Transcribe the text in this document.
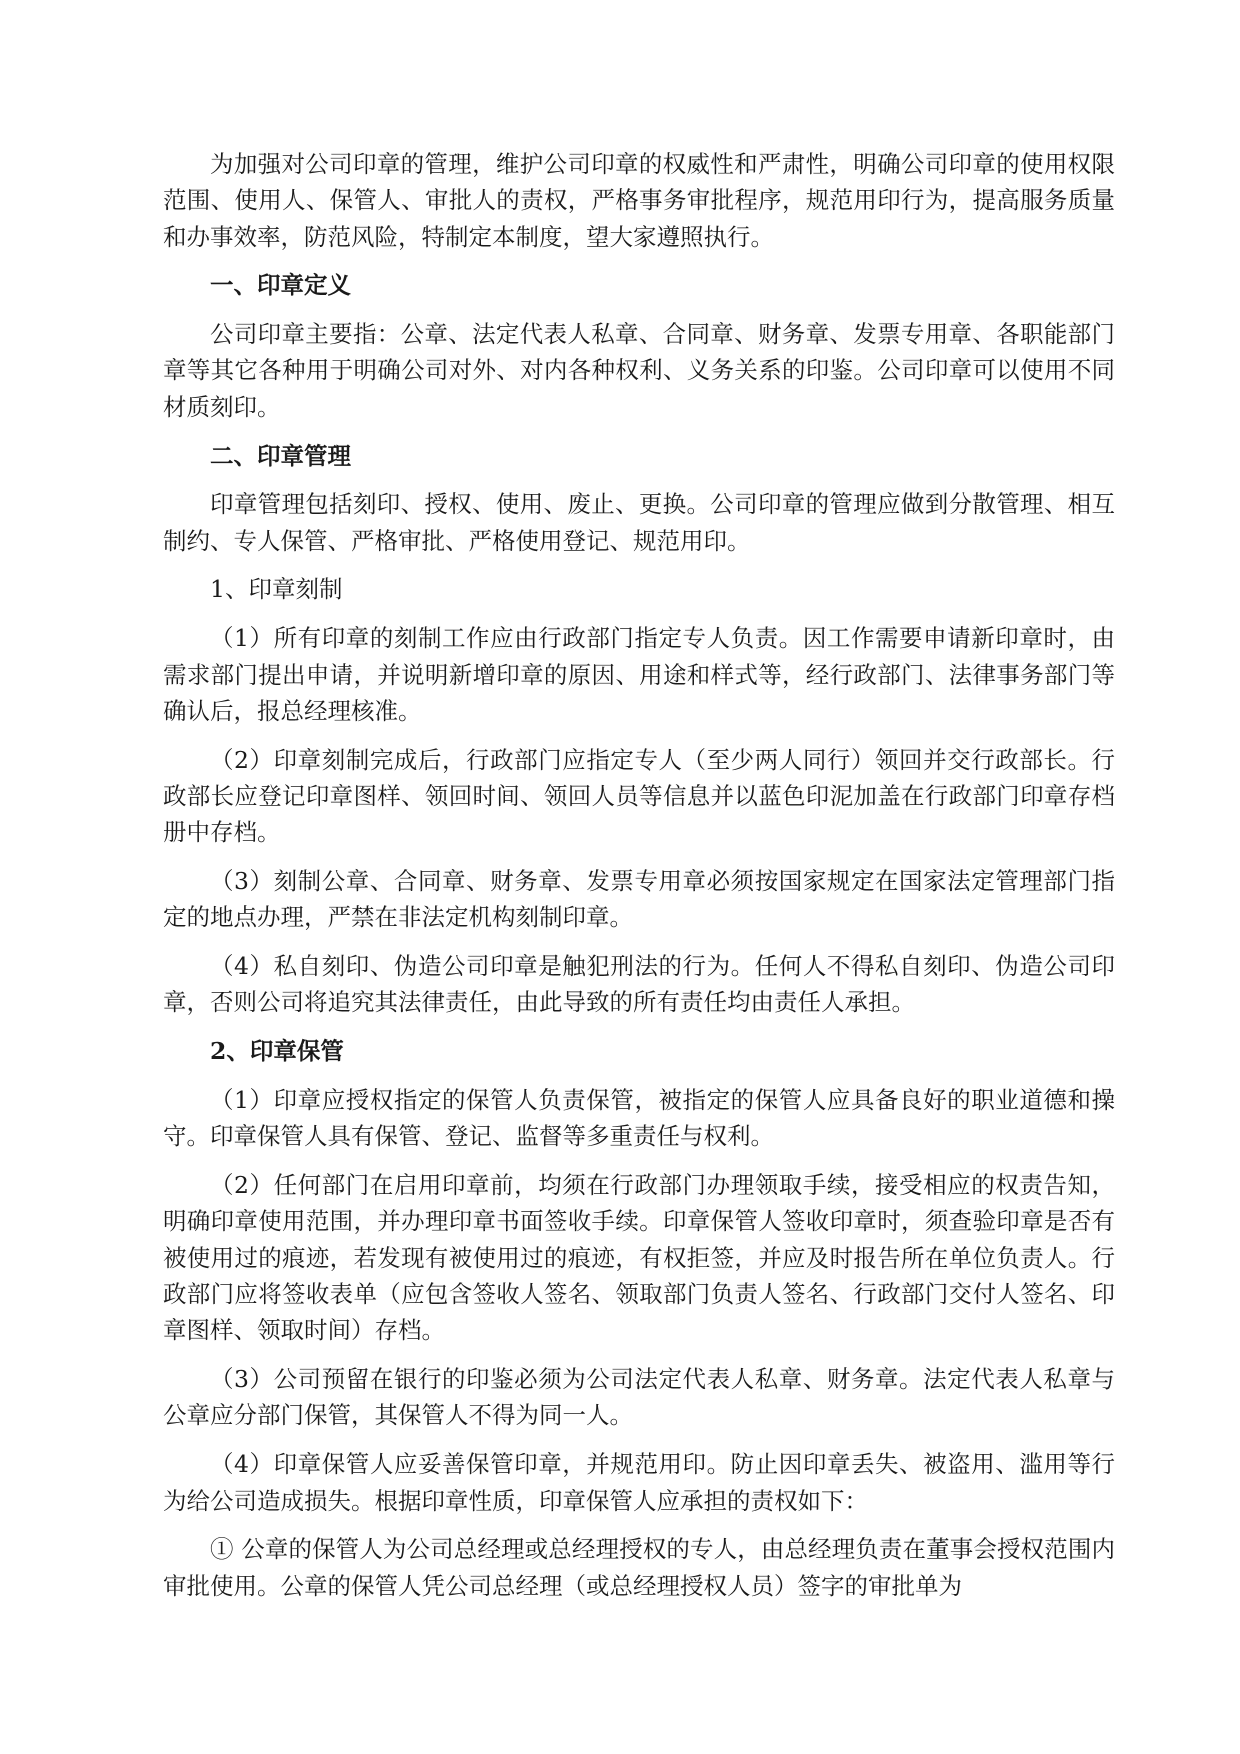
为加强对公司印章的管理，维护公司印章的权威性和严肃性，明确公司印章的使用权限范围、使用人、保管人、审批人的责权，严格事务审批程序，规范用印行为，提高服务质量和办事效率，防范风险，特制定本制度，望大家遵照执行。

一、印章定义

公司印章主要指：公章、法定代表人私章、合同章、财务章、发票专用章、各职能部门章等其它各种用于明确公司对外、对内各种权利、义务关系的印鉴。公司印章可以使用不同材质刻印。

二、印章管理

印章管理包括刻印、授权、使用、废止、更换。公司印章的管理应做到分散管理、相互制约、专人保管、严格审批、严格使用登记、规范用印。

1、印章刻制

（1）所有印章的刻制工作应由行政部门指定专人负责。因工作需要申请新印章时，由需求部门提出申请，并说明新增印章的原因、用途和样式等，经行政部门、法律事务部门等确认后，报总经理核准。

（2）印章刻制完成后，行政部门应指定专人（至少两人同行）领回并交行政部长。行政部长应登记印章图样、领回时间、领回人员等信息并以蓝色印泥加盖在行政部门印章存档册中存档。

（3）刻制公章、合同章、财务章、发票专用章必须按国家规定在国家法定管理部门指定的地点办理，严禁在非法定机构刻制印章。

（4）私自刻印、伪造公司印章是触犯刑法的行为。任何人不得私自刻印、伪造公司印章，否则公司将追究其法律责任，由此导致的所有责任均由责任人承担。

2、印章保管

（1）印章应授权指定的保管人负责保管，被指定的保管人应具备良好的职业道德和操守。印章保管人具有保管、登记、监督等多重责任与权利。

（2）任何部门在启用印章前，均须在行政部门办理领取手续，接受相应的权责告知，明确印章使用范围，并办理印章书面签收手续。印章保管人签收印章时，须查验印章是否有被使用过的痕迹，若发现有被使用过的痕迹，有权拒签，并应及时报告所在单位负责人。行政部门应将签收表单（应包含签收人签名、领取部门负责人签名、行政部门交付人签名、印章图样、领取时间）存档。

（3）公司预留在银行的印鉴必须为公司法定代表人私章、财务章。法定代表人私章与公章应分部门保管，其保管人不得为同一人。

（4）印章保管人应妥善保管印章，并规范用印。防止因印章丢失、被盗用、滥用等行为给公司造成损失。根据印章性质，印章保管人应承担的责权如下：

① 公章的保管人为公司总经理或总经理授权的专人，由总经理负责在董事会授权范围内审批使用。公章的保管人凭公司总经理（或总经理授权人员）签字的审批单为
